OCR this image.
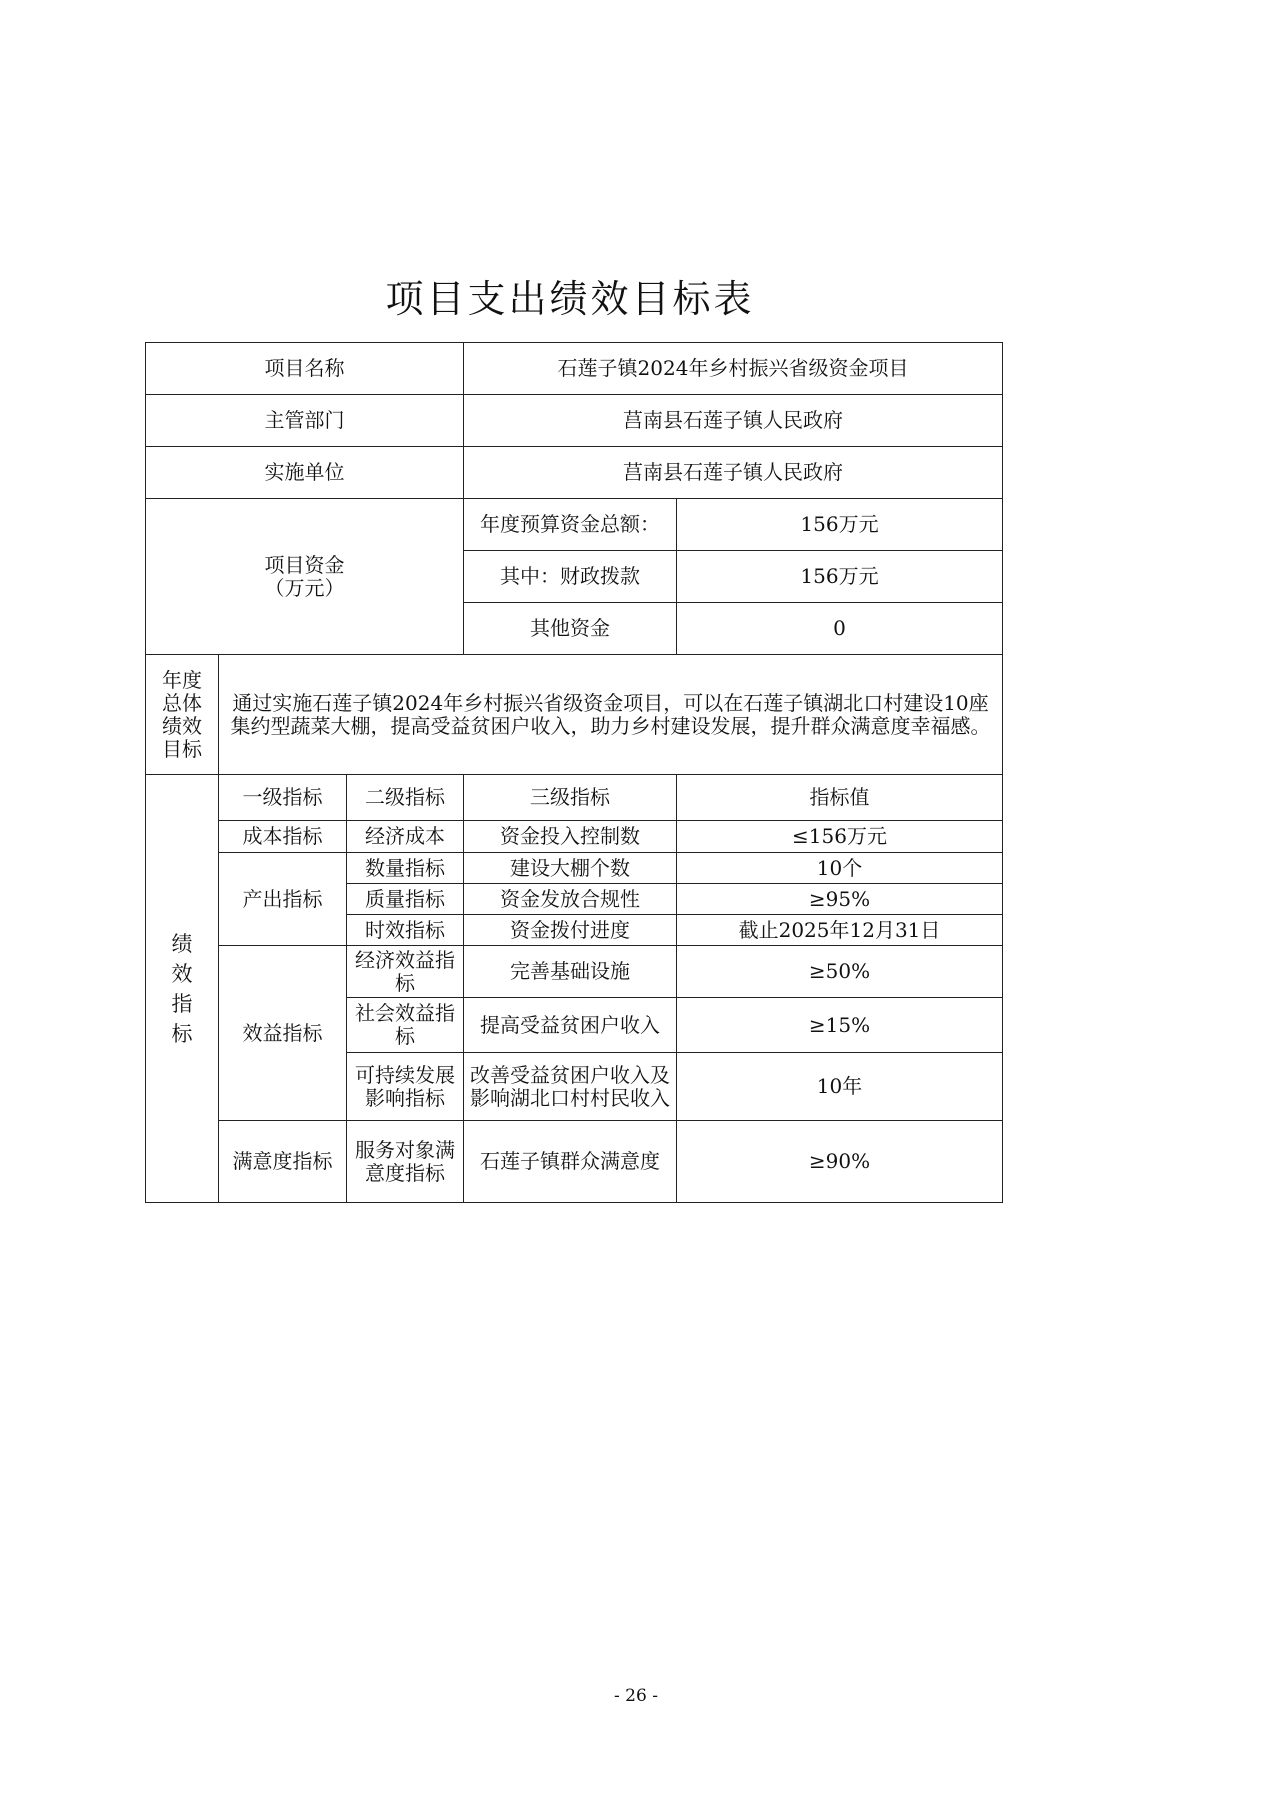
项目支出绩效目标表
项目名称			石莲子镇2024年乡村振兴省级资金项目	
主管部门			莒南县石莲子镇人民政府	
实施单位			莒南县石莲子镇人民政府	

项目资金
（万元）			年度预算资金总额：	156万元
			其中：财政拨款	156万元
			其他资金	0

年度
总体
绩效
目标	通过实施石莲子镇2024年乡村振兴省级资金项目，可以在石莲子镇湖北口村建设10座集约型蔬菜大棚，提高受益贫困户收入，助力乡村建设发展，提升群众满意度幸福感。			

绩
效
指
标	一级指标	二级指标	三级指标	指标值
	成本指标	经济成本	资金投入控制数	≤156万元
	产出指标	数量指标	建设大棚个数	10个
		质量指标	资金发放合规性	≥95%
		时效指标	资金拨付进度	截止2025年12月31日
	效益指标	经济效益指标	完善基础设施	≥50%
		社会效益指标	提高受益贫困户收入	≥15%
		可持续发展影响指标	改善受益贫困户收入及影响湖北口村村民收入	10年
	满意度指标	服务对象满意度指标	石莲子镇群众满意度	≥90%
- 26 -
